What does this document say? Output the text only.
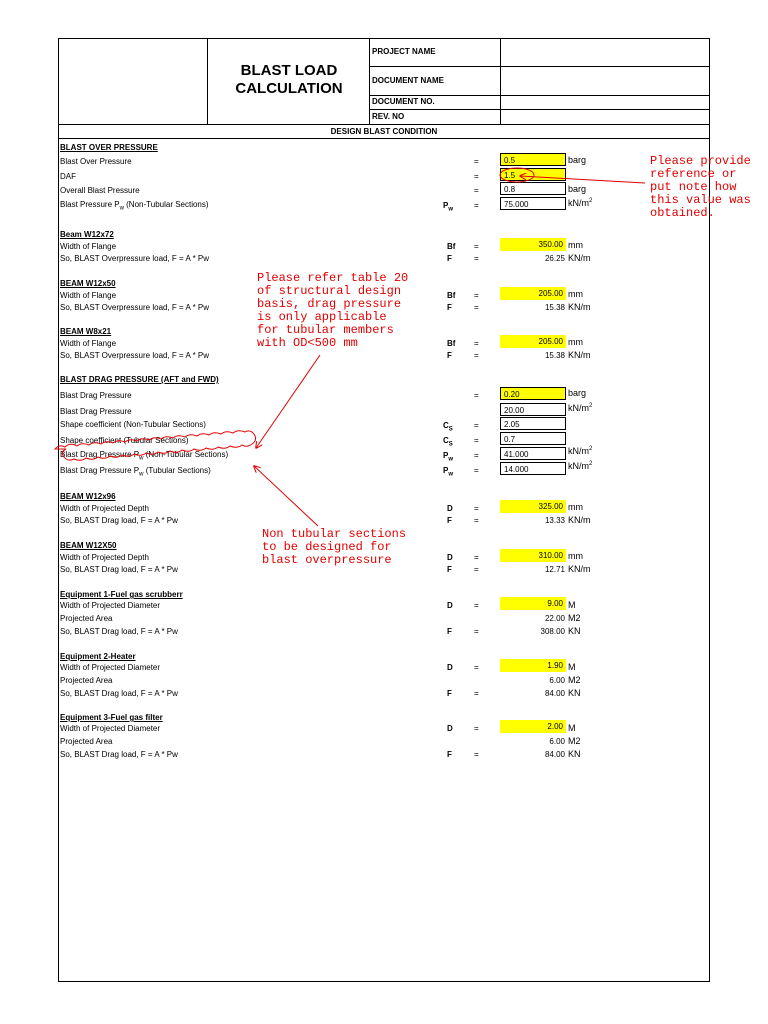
BLAST LOAD
CALCULATION
PROJECT NAME
DOCUMENT NAME
DOCUMENT NO.
REV. NO
DESIGN BLAST CONDITION
BLAST OVER PRESSURE
Blast Over Pressure	=	0.5	barg
DAF	=	1.5
Overall Blast Pressure	=	0.8	barg
Blast Pressure $P_w$ (Non-Tubular Sections)	$P_w$	=	75.000	$kN/m^2$
Beam W12x72
Width of Flange	Bf =	350.00 mm
So, BLAST Overpressure load, F = A * Pw	F	=	26.25 KN/m
BEAM W12x50
Width of Flange	Bf =	205.00 mm
So, BLAST Overpressure load, F = A * Pw	F	=	15.38 KN/m
BEAM W8x21
Width of Flange	Bf =	205.00 mm
So, BLAST Overpressure load, F = A * Pw	F	=	15.38 KN/m
BLAST DRAG PRESSURE (AFT and FWD)
Blast Drag Pressure	=	0.20	barg
Blast Drag Pressure	20.00	$kN/m^2$
Shape coefficient (Non-Tubular Sections)	$C_S$	=	2.05
Shape coefficient (Tubular Sections)	$C_S$	=	0.7
Blast Drag Pressure $P_w$ (Non-Tubular Sections)	$P_w$	=	41.000	$kN/m^2$
Blast Drag Pressure $P_w$ (Tubular Sections)	$P_w$	=	14.000	$kN/m^2$
BEAM W12x96
Width of Projected Depth	D	=	325.00 mm
So, BLAST Drag load, F = A * Pw	F	=	13.33 KN/m
BEAM W12X50
Width of Projected Depth	D	=	310.00 mm
So, BLAST Drag load, F = A * Pw	F	=	12.71 KN/m
Equipment 1-Fuel gas scrubberr
Width of Projected Diameter	D	=	9.00 M
Projected Area	22.00 M2
So, BLAST Drag load, F = A * Pw	F	=	308.00 KN
Equipment 2-Heater
Width of Projected Diameter	D	=	1.90 M
Projected Area	6.00 M2
So, BLAST Drag load, F = A * Pw	F	=	84.00 KN
Equipment 3-Fuel gas filter
Width of Projected Diameter	D	=	2.00 M
Projected Area	6.00 M2
So, BLAST Drag load, F = A * Pw	F	=	84.00 KN
Please provide
reference or
put note how
this value was
obtained.
Please refer table 20
of structural design
basis, drag pressure
is only applicable
for tubular members
with OD<500 mm
Non tubular sections
to be designed for
blast overpressure
